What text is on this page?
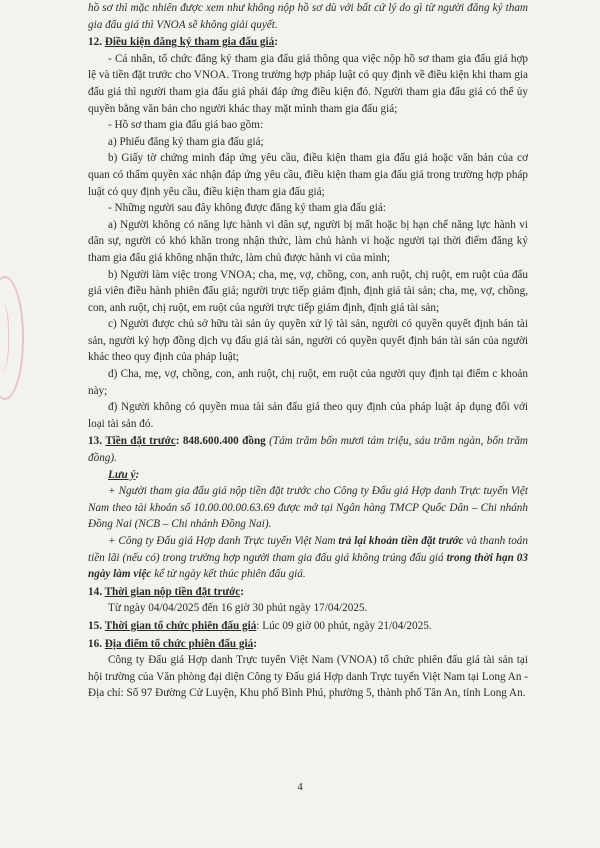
hồ sơ thì mặc nhiên được xem như không nộp hồ sơ dù với bất cứ lý do gì từ người đăng ký tham gia đấu giá thì VNOA sẽ không giải quyết.

12. Điều kiện đăng ký tham gia đấu giá:

- Cá nhân, tổ chức đăng ký tham gia đấu giá thông qua việc nộp hồ sơ tham gia đấu giá hợp lệ và tiền đặt trước cho VNOA. Trong trường hợp pháp luật có quy định về điều kiện khi tham gia đấu giá thì người tham gia đấu giá phải đáp ứng điều kiện đó. Người tham gia đấu giá có thể ủy quyền bằng văn bản cho người khác thay mặt mình tham gia đấu giá;

- Hồ sơ tham gia đấu giá bao gồm:

a) Phiếu đăng ký tham gia đấu giá;

b) Giấy tờ chứng minh đáp ứng yêu cầu, điều kiện tham gia đấu giá hoặc văn bản của cơ quan có thẩm quyền xác nhận đáp ứng yêu cầu, điều kiện tham gia đấu giá trong trường hợp pháp luật có quy định yêu cầu, điều kiện tham gia đấu giá;

- Những người sau đây không được đăng ký tham gia đấu giá:

a) Người không có năng lực hành vi dân sự, người bị mất hoặc bị hạn chế năng lực hành vi dân sự, người có khó khăn trong nhận thức, làm chủ hành vi hoặc người tại thời điểm đăng ký tham gia đấu giá không nhận thức, làm chủ được hành vi của mình;

b) Người làm việc trong VNOA; cha, mẹ, vợ, chồng, con, anh ruột, chị ruột, em ruột của đấu giá viên điều hành phiên đấu giá; người trực tiếp giám định, định giá tài sản; cha, mẹ, vợ, chồng, con, anh ruột, chị ruột, em ruột của người trực tiếp giám định, định giá tài sản;

c) Người được chủ sở hữu tài sản ủy quyền xử lý tài sản, người có quyền quyết định bán tài sản, người ký hợp đồng dịch vụ đấu giá tài sản, người có quyền quyết định bán tài sản của người khác theo quy định của pháp luật;

d) Cha, mẹ, vợ, chồng, con, anh ruột, chị ruột, em ruột của người quy định tại điểm c khoản này;

đ) Người không có quyền mua tài sản đấu giá theo quy định của pháp luật áp dụng đối với loại tài sản đó.

13. Tiền đặt trước: 848.600.400 đồng (Tám trăm bốn mươi tám triệu, sáu trăm ngàn, bốn trăm đồng).

Lưu ý:

+ Người tham gia đấu giá nộp tiền đặt trước cho Công ty Đấu giá Hợp danh Trực tuyến Việt Nam theo tài khoản số 10.00.00.00.63.69 được mở tại Ngân hàng TMCP Quốc Dân – Chi nhánh Đồng Nai (NCB – Chi nhánh Đồng Nai).

+ Công ty Đấu giá Hợp danh Trực tuyến Việt Nam trả lại khoản tiền đặt trước và thanh toán tiền lãi (nếu có) trong trường hợp người tham gia đấu giá không trúng đấu giá trong thời hạn 03 ngày làm việc kể từ ngày kết thúc phiên đấu giá.

14. Thời gian nộp tiền đặt trước:

Từ ngày 04/04/2025 đến 16 giờ 30 phút ngày 17/04/2025.

15. Thời gian tổ chức phiên đấu giá: Lúc 09 giờ 00 phút, ngày 21/04/2025.

16. Địa điểm tổ chức phiên đấu giá:

Công ty Đấu giá Hợp danh Trực tuyến Việt Nam (VNOA) tổ chức phiên đấu giá tài sản tại hội trường của Văn phòng đại diện Công ty Đấu giá Hợp danh Trực tuyến Việt Nam tại Long An - Địa chỉ: Số 97 Đường Cử Luyện, Khu phố Bình Phú, phường 5, thành phố Tân An, tỉnh Long An.

4
